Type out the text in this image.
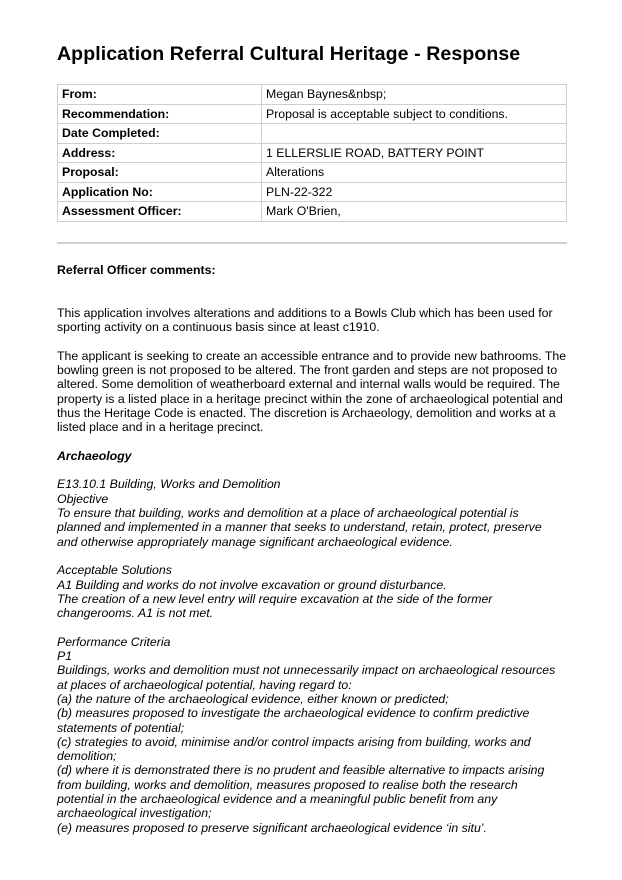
Application Referral Cultural Heritage - Response
From:	Megan Baynes&nbsp;
Recommendation:	Proposal is acceptable subject to conditions.
Date Completed:	
Address:	1 ELLERSLIE ROAD, BATTERY POINT
Proposal:	Alterations
Application No:	PLN-22-322
Assessment Officer:	Mark O'Brien,

Referral Officer comments:

This application involves alterations and additions to a Bowls Club which has been used for

sporting activity on a continuous basis since at least c1910.

The applicant is seeking to create an accessible entrance and to provide new bathrooms. The

bowling green is not proposed to be altered. The front garden and steps are not proposed to

altered. Some demolition of weatherboard external and internal walls would be required. The

property is a listed place in a heritage precinct within the zone of archaeological potential and

thus the Heritage Code is enacted. The discretion is Archaeology, demolition and works at a

listed place and in a heritage precinct.

Archaeology

E13.10.1 Building, Works and Demolition

Objective

To ensure that building, works and demolition at a place of archaeological potential is

planned and implemented in a manner that seeks to understand, retain, protect, preserve

and otherwise appropriately manage significant archaeological evidence.

Acceptable Solutions

A1 Building and works do not involve excavation or ground disturbance.

The creation of a new level entry will require excavation at the side of the former

changerooms. A1 is not met.

Performance Criteria

P1

Buildings, works and demolition must not unnecessarily impact on archaeological resources

at places of archaeological potential, having regard to:

(a) the nature of the archaeological evidence, either known or predicted;

(b) measures proposed to investigate the archaeological evidence to confirm predictive

statements of potential;

(c) strategies to avoid, minimise and/or control impacts arising from building, works and

demolition;

(d) where it is demonstrated there is no prudent and feasible alternative to impacts arising

from building, works and demolition, measures proposed to realise both the research

potential in the archaeological evidence and a meaningful public benefit from any

archaeological investigation;

(e) measures proposed to preserve significant archaeological evidence ‘in situ’.
